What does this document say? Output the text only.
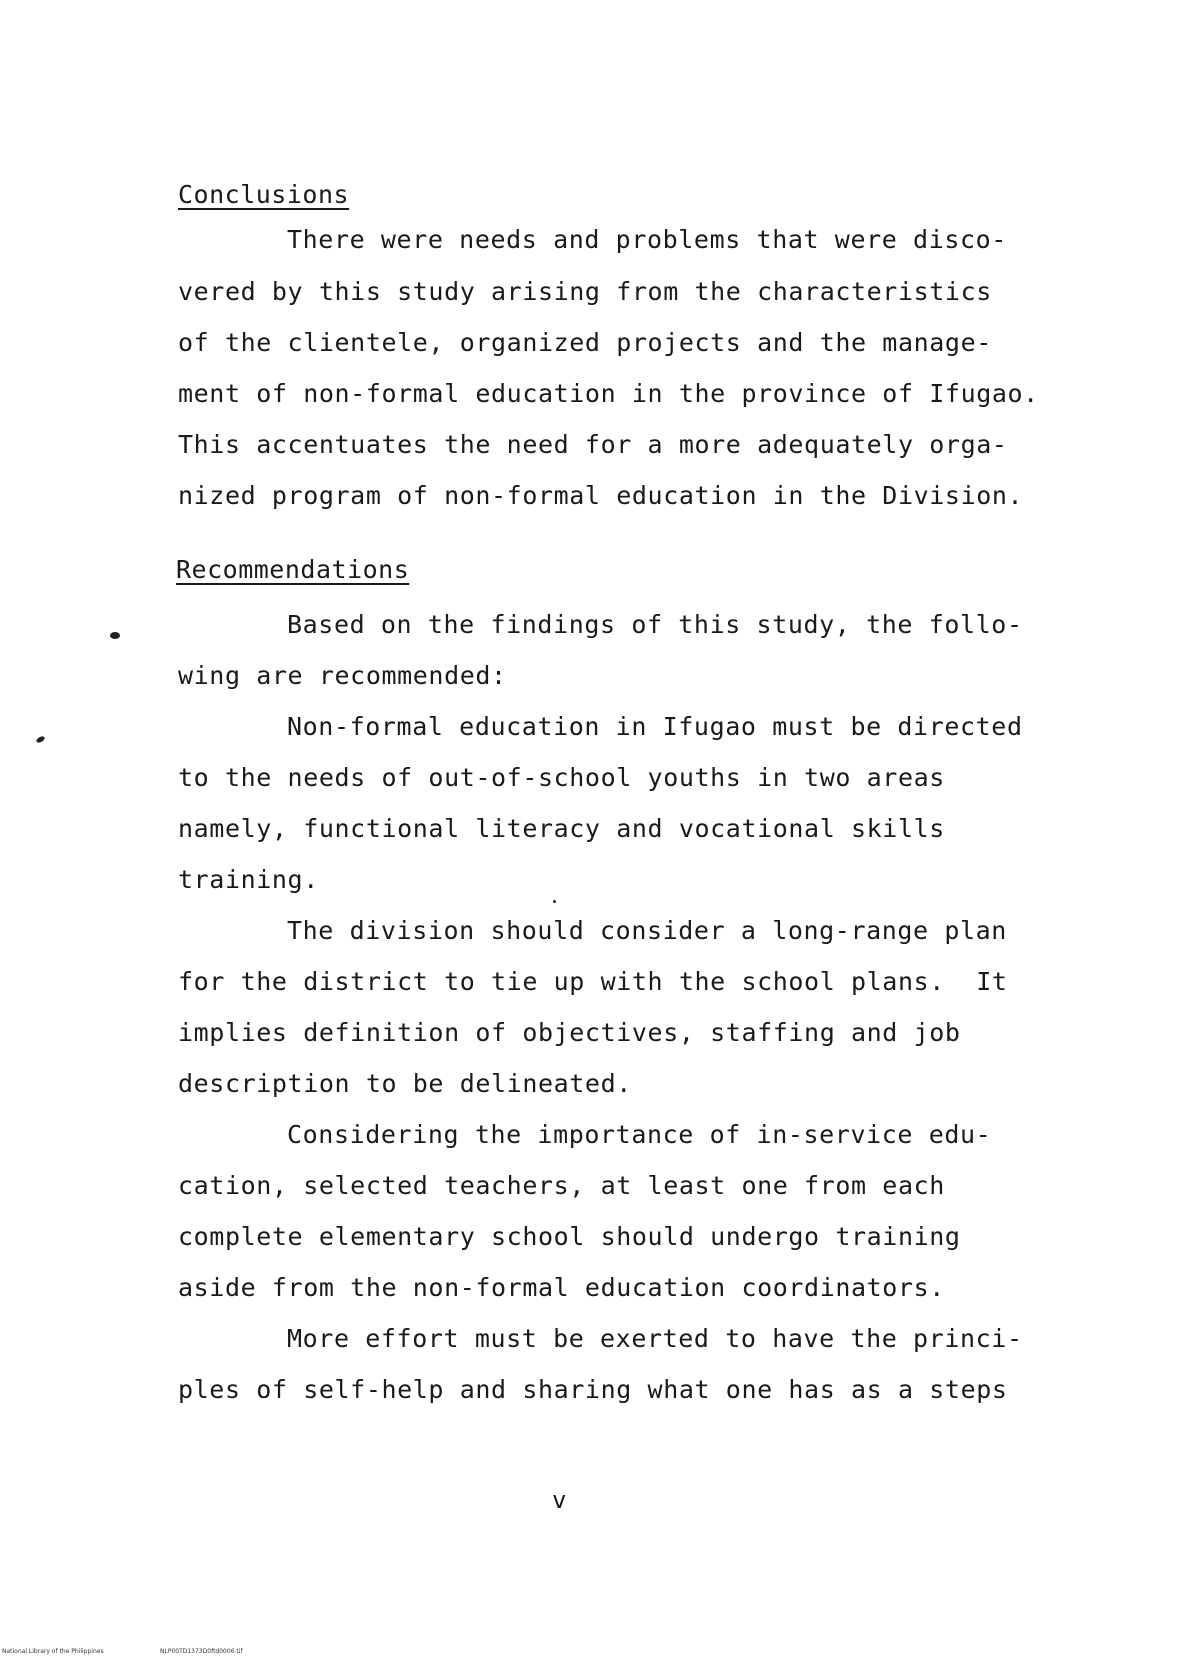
Conclusions
There were needs and problems that were disco-
vered by this study arising from the characteristics
of the clientele, organized projects and the manage-
ment of non-formal education in the province of Ifugao.
This accentuates the need for a more adequately orga-
nized program of non-formal education in the Division.
Recommendations
Based on the findings of this study, the follo-
wing are recommended:
Non-formal education in Ifugao must be directed
to the needs of out-of-school youths in two areas
namely, functional literacy and vocational skills
training.
The division should consider a long-range plan
for the district to tie up with the school plans.  It
implies definition of objectives, staffing and job
description to be delineated.
Considering the importance of in-service edu-
cation, selected teachers, at least one from each
complete elementary school should undergo training
aside from the non-formal education coordinators.
More effort must be exerted to have the princi-
ples of self-help and sharing what one has as a steps
v
National Library of the Philippines	NLP00TD1373D0ftd0006.tif
